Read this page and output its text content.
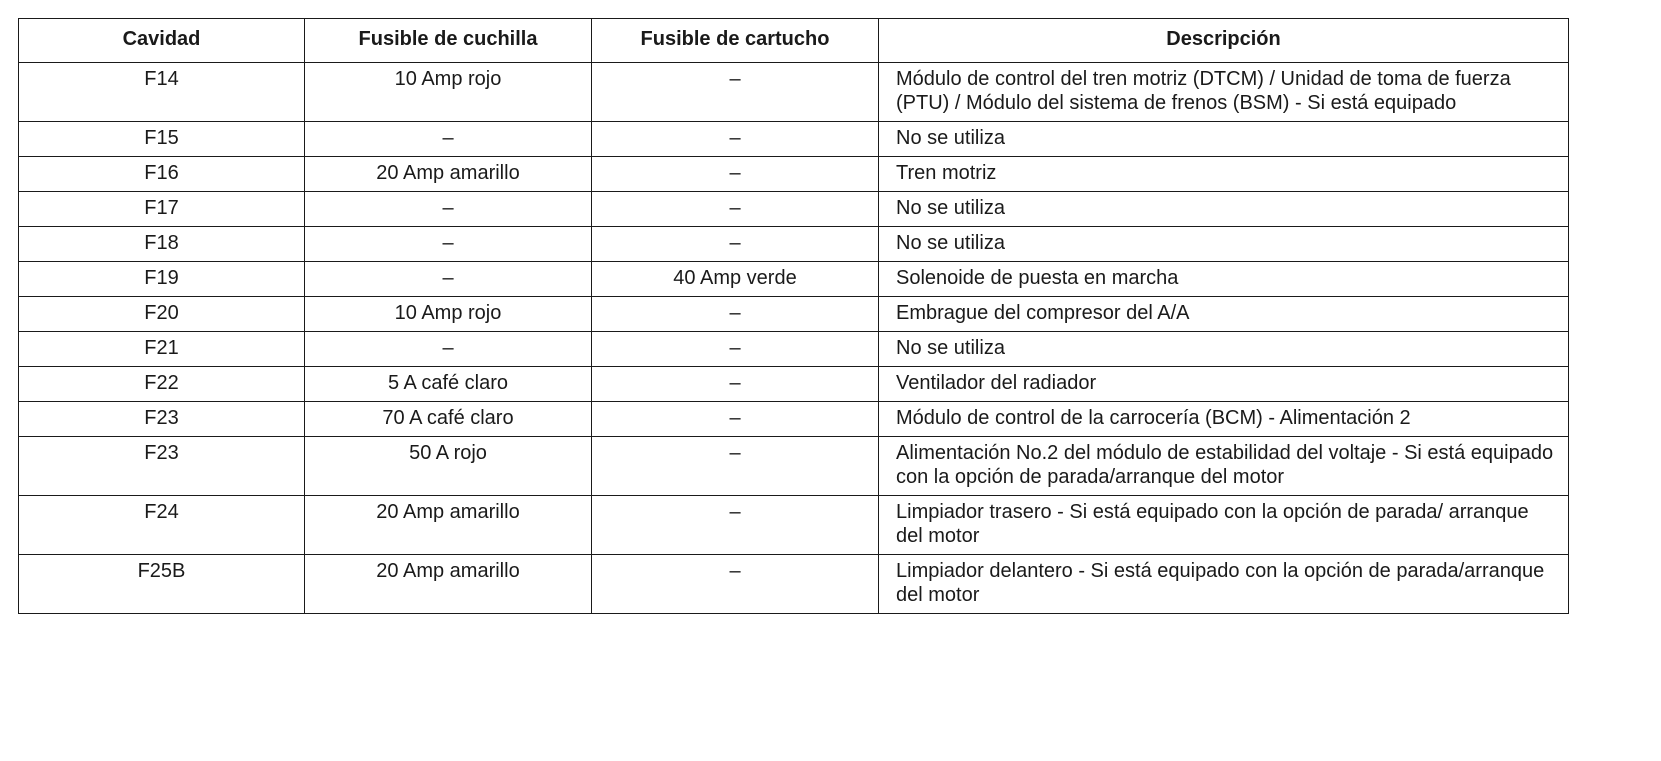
Cavidad	Fusible de cuchilla	Fusible de cartucho	Descripción
F14	10 Amp rojo	–	Módulo de control del tren motriz (DTCM) / Unidad de toma de fuerza (PTU) / Módulo del sistema de frenos (BSM) - Si está equipado
F15	–	–	No se utiliza
F16	20 Amp amarillo	–	Tren motriz
F17	–	–	No se utiliza
F18	–	–	No se utiliza
F19	–	40 Amp verde	Solenoide de puesta en marcha
F20	10 Amp rojo	–	Embrague del compresor del A/A
F21	–	–	No se utiliza
F22	5 A café claro	–	Ventilador del radiador
F23	70 A café claro	–	Módulo de control de la carrocería (BCM) - Alimentación 2
F23	50 A rojo	–	Alimentación No.2 del módulo de estabilidad del voltaje - Si está equipado con la opción de parada/arranque del motor
F24	20 Amp amarillo	–	Limpiador trasero - Si está equipado con la opción de parada/ arranque del motor
F25B	20 Amp amarillo	–	Limpiador delantero - Si está equipado con la opción de parada/arranque del motor
